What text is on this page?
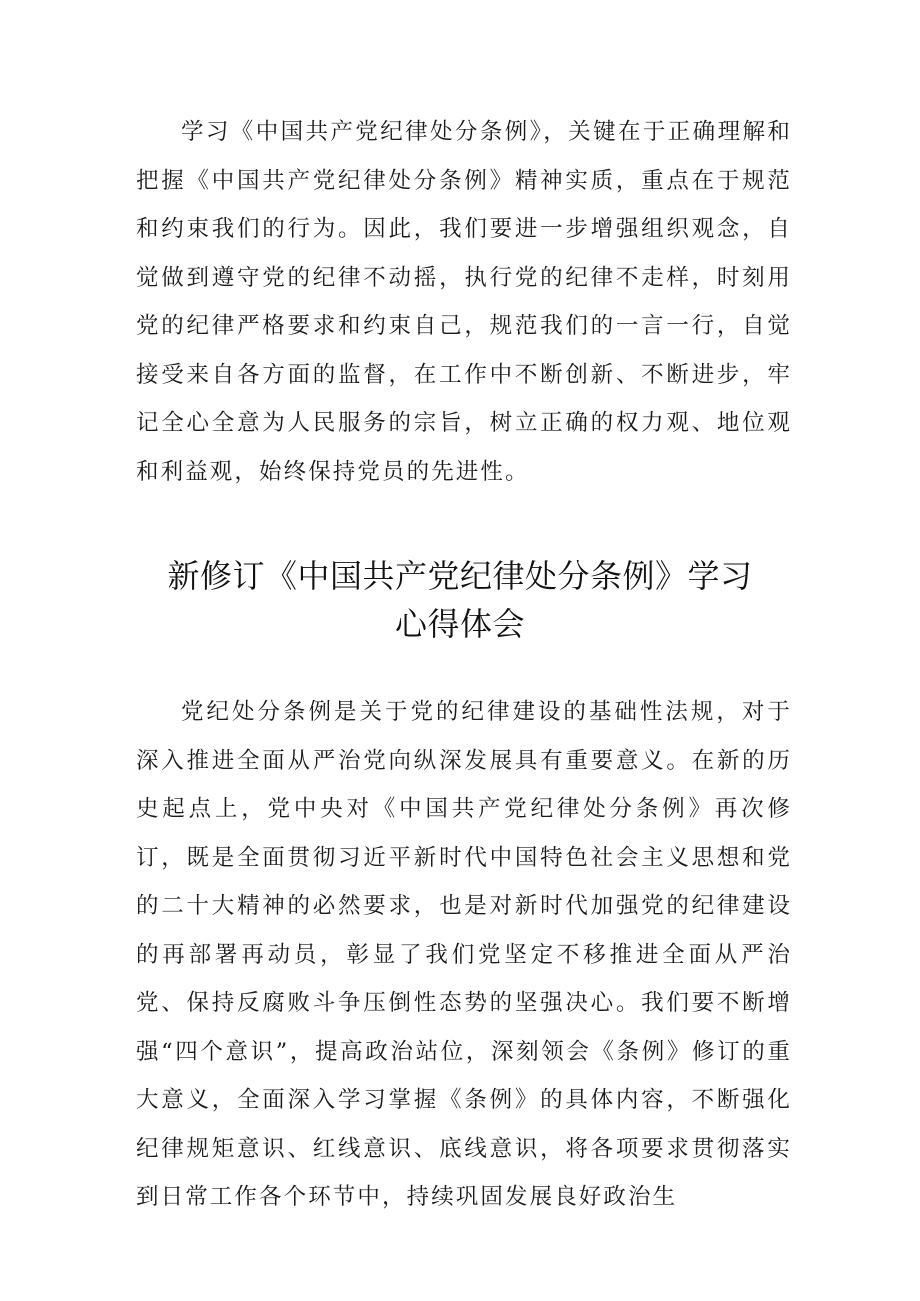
学习《中国共产党纪律处分条例》，关键在于正确理解和把握《中国共产党纪律处分条例》精神实质，重点在于规范和约束我们的行为。因此，我们要进一步增强组织观念，自觉做到遵守党的纪律不动摇，执行党的纪律不走样，时刻用党的纪律严格要求和约束自己，规范我们的一言一行，自觉接受来自各方面的监督，在工作中不断创新、不断进步，牢记全心全意为人民服务的宗旨，树立正确的权力观、地位观和利益观，始终保持党员的先进性。

新修订《中国共产党纪律处分条例》学习
心得体会

党纪处分条例是关于党的纪律建设的基础性法规，对于深入推进全面从严治党向纵深发展具有重要意义。在新的历史起点上，党中央对《中国共产党纪律处分条例》再次修订，既是全面贯彻习近平新时代中国特色社会主义思想和党的二十大精神的必然要求，也是对新时代加强党的纪律建设的再部署再动员，彰显了我们党坚定不移推进全面从严治党、保持反腐败斗争压倒性态势的坚强决心。我们要不断增强“四个意识”，提高政治站位，深刻领会《条例》修订的重大意义，全面深入学习掌握《条例》的具体内容，不断强化纪律规矩意识、红线意识、底线意识，将各项要求贯彻落实到日常工作各个环节中，持续巩固发展良好政治生
